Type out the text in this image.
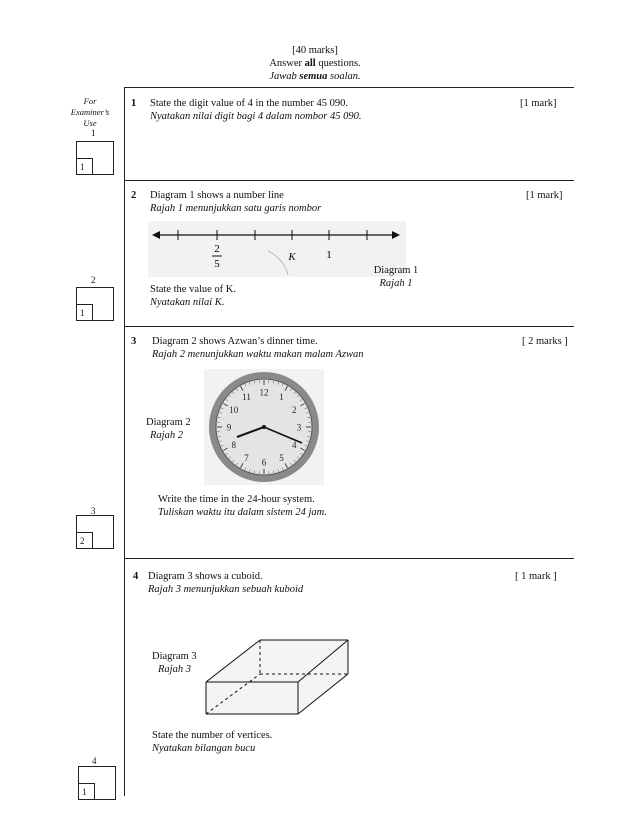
[40 marks]
Answer all questions.
Jawab semua soalan.
For
Examiner’s
Use
1
1
2
1
3
2
4
1
1 State the digit value of 4 in the number 45 090.
Nyatakan nilai digit bagi 4 dalam nombor 45 090.
[1 mark]
2 Diagram 1 shows a number line
Rajah 1 menunjukkan satu garis nombor
[1 mark]
2
5
K	1
Diagram 1
Rajah 1
State the value of K.
Nyatakan nilai K.
3 Diagram 2 shows Azwan’s dinner time.
Rajah 2 menunjukkan waktu makan malam Azwan
[ 2 marks ]
12 1
2
3
4
5
6
7
8
9
10
11
Diagram 2
Rajah 2
Write the time in the 24-hour system.
Tuliskan waktu itu dalam sistem 24 jam.
4 Diagram 3 shows a cuboid.
Rajah 3 menunjukkan sebuah kuboid
[ 1 mark ]
Diagram 3
Rajah 3
State the number of vertices.
Nyatakan bilangan bucu
